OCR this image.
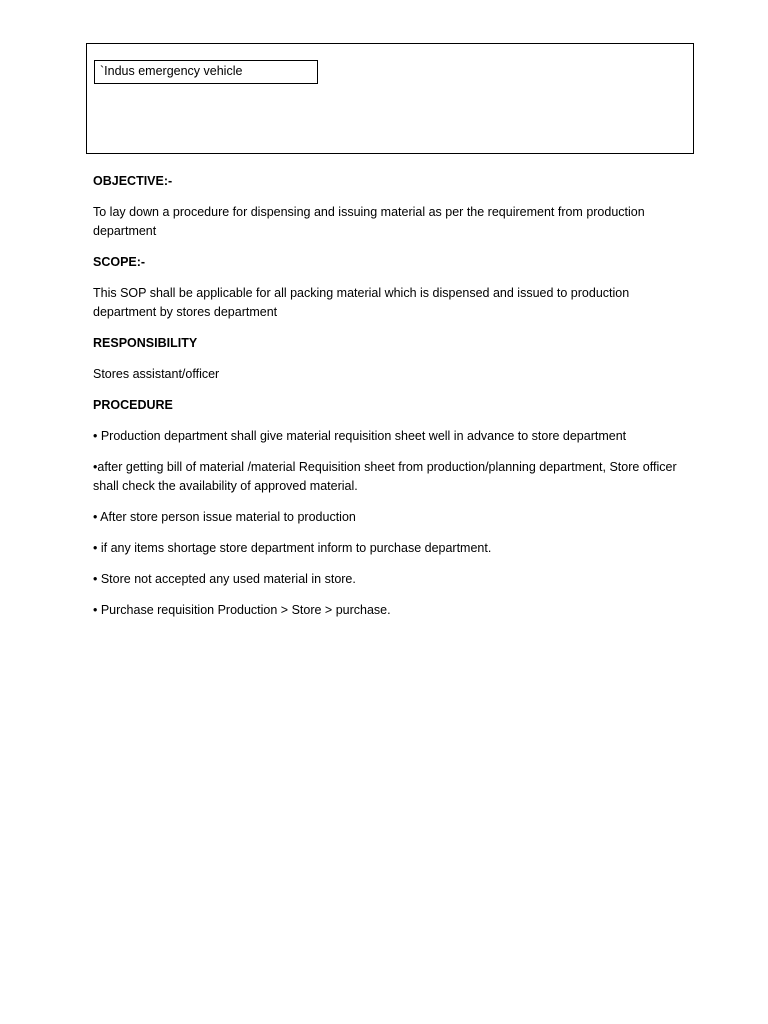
`Indus emergency vehicle

OBJECTIVE:-

To lay down a procedure for dispensing and issuing material as per the requirement from production department

SCOPE:-

This SOP shall be applicable for all packing material which is dispensed and issued to production department by stores department

RESPONSIBILITY

Stores assistant/officer

PROCEDURE

• Production department shall give material requisition sheet well in advance to store department

•after getting bill of material /material Requisition sheet from production/planning department, Store officer shall check the availability of approved material.

• After store person issue material to production

• if any items shortage store department inform to purchase department.

• Store not accepted any used material in store.

• Purchase requisition Production > Store > purchase.
